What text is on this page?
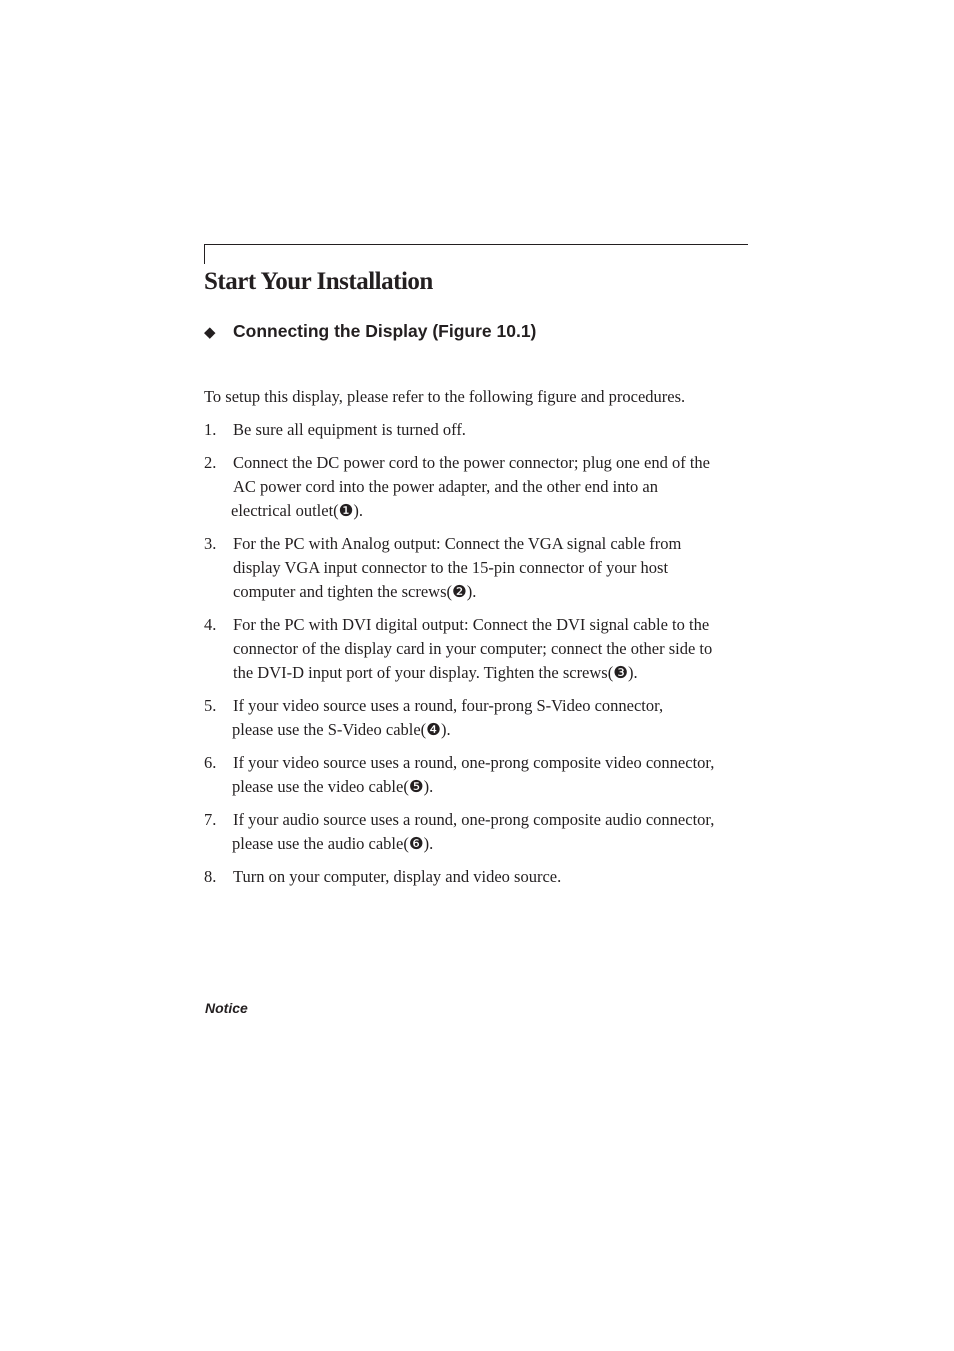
Start Your Installation
◆ Connecting the Display (Figure 10.1)

To setup this display, please refer to the following figure and procedures.

1. Be sure all equipment is turned off.
2. Connect the DC power cord to the power connector; plug one end of the
AC power cord into the power adapter, and the other end into an
electrical outlet(❶).
3. For the PC with Analog output: Connect the VGA signal cable from
display VGA input connector to the 15-pin connector of your host
computer and tighten the screws(❷).
4. For the PC with DVI digital output: Connect the DVI signal cable to the
connector of the display card in your computer; connect the other side to
the DVI-D input port of your display. Tighten the screws(❸).
5. If your video source uses a round, four-prong S-Video connector,
please use the S-Video cable(❹).
6. If your video source uses a round, one-prong composite video connector,
please use the video cable(❺).
7. If your audio source uses a round, one-prong composite audio connector,
please use the audio cable(❻).
8. Turn on your computer, display and video source.

Notice
